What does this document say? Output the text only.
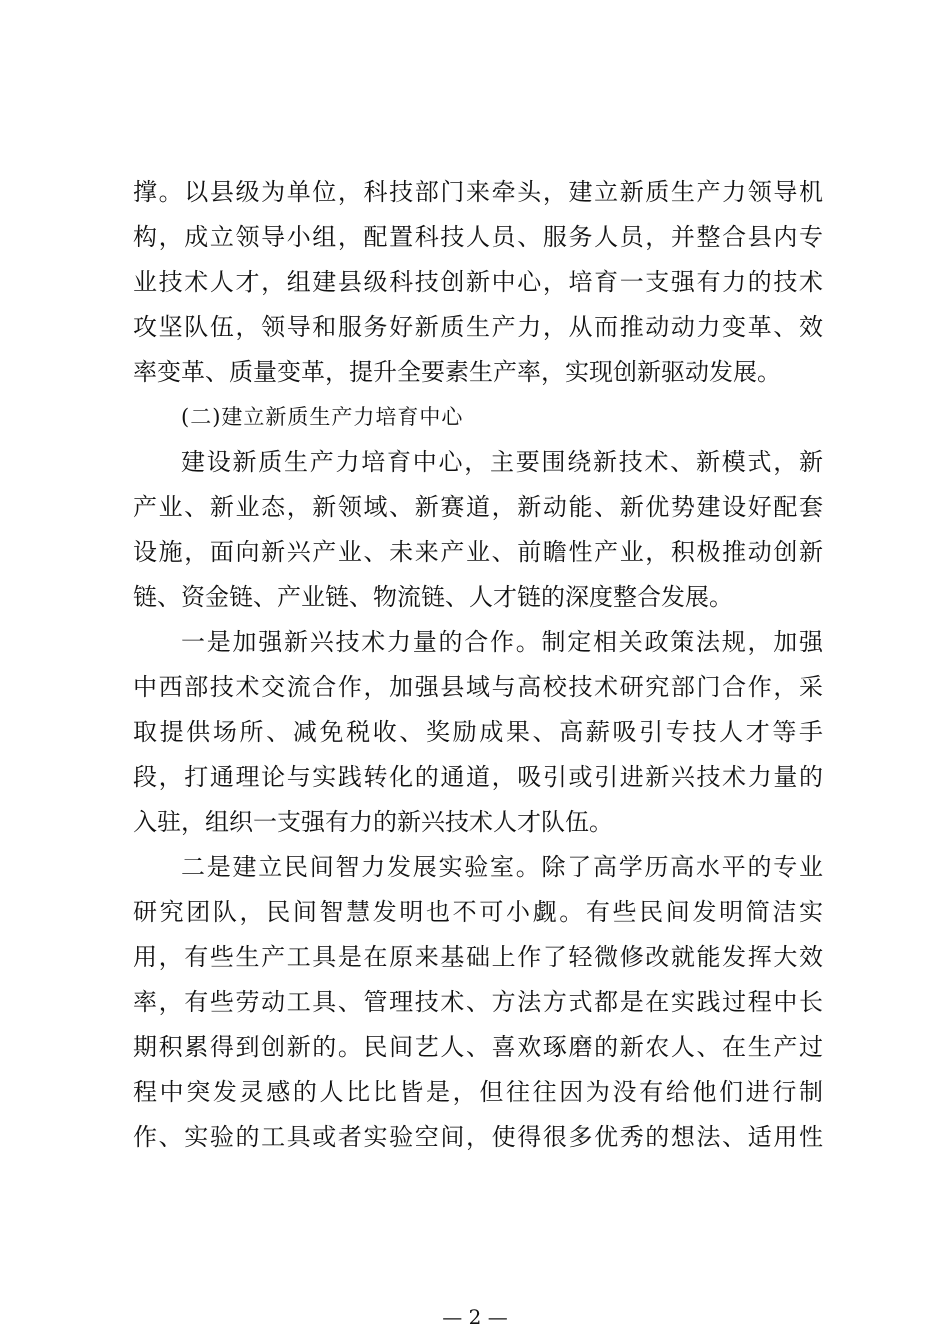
撑。以县级为单位，科技部门来牵头，建立新质生产力领导机
构，成立领导小组，配置科技人员、服务人员，并整合县内专
业技术人才，组建县级科技创新中心，培育一支强有力的技术
攻坚队伍，领导和服务好新质生产力，从而推动动力变革、效
率变革、质量变革，提升全要素生产率，实现创新驱动发展。
(二)建立新质生产力培育中心
建设新质生产力培育中心，主要围绕新技术、新模式，新
产业、新业态，新领域、新赛道，新动能、新优势建设好配套
设施，面向新兴产业、未来产业、前瞻性产业，积极推动创新
链、资金链、产业链、物流链、人才链的深度整合发展。
一是加强新兴技术力量的合作。制定相关政策法规，加强
中西部技术交流合作，加强县域与高校技术研究部门合作，采
取提供场所、减免税收、奖励成果、高薪吸引专技人才等手
段，打通理论与实践转化的通道，吸引或引进新兴技术力量的
入驻，组织一支强有力的新兴技术人才队伍。
二是建立民间智力发展实验室。除了高学历高水平的专业
研究团队，民间智慧发明也不可小觑。有些民间发明简洁实
用，有些生产工具是在原来基础上作了轻微修改就能发挥大效
率，有些劳动工具、管理技术、方法方式都是在实践过程中长
期积累得到创新的。民间艺人、喜欢琢磨的新农人、在生产过
程中突发灵感的人比比皆是，但往往因为没有给他们进行制
作、实验的工具或者实验空间，使得很多优秀的想法、适用性
— 2 —
